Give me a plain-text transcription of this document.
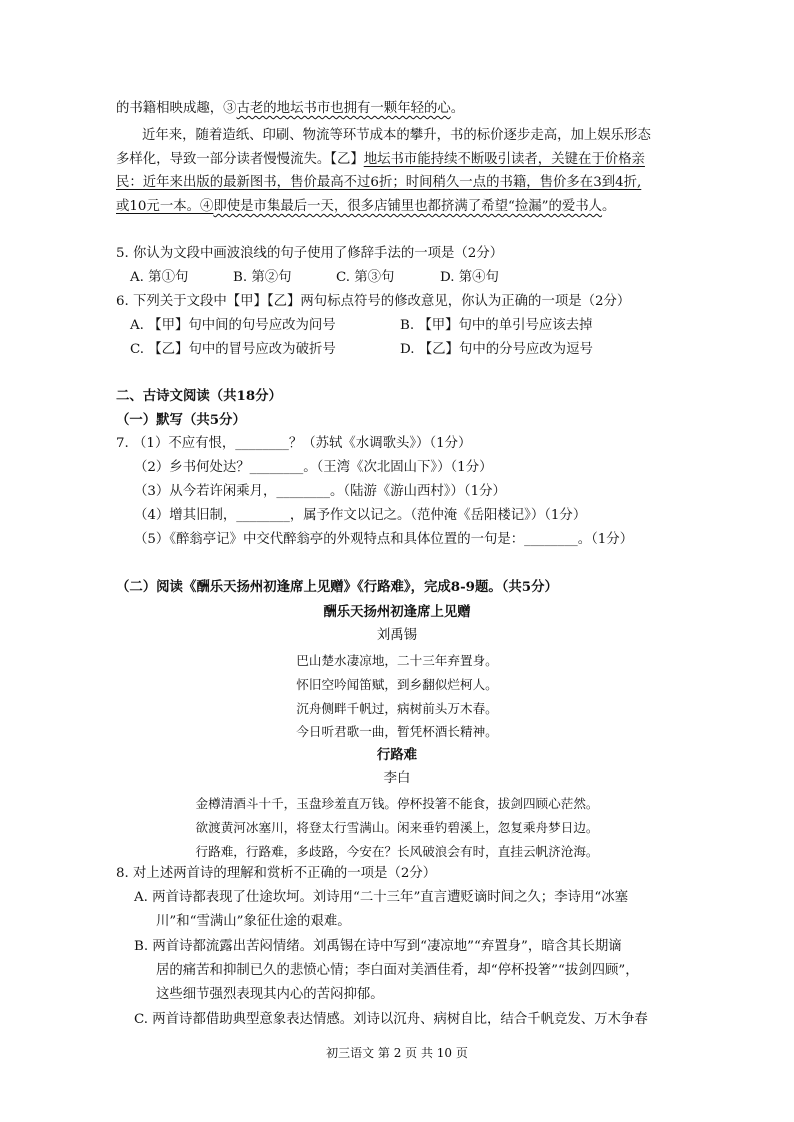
的书籍相映成趣，③古老的地坛书市也拥有一颗年轻的心。
近年来，随着造纸、印刷、物流等环节成本的攀升，书的标价逐步走高，加上娱乐形态
多样化，导致一部分读者慢慢流失。【乙】地坛书市能持续不断吸引读者，关键在于价格亲
民：近年来出版的最新图书，售价最高不过6折；时间稍久一点的书籍，售价多在3到4折,
或10元一本。④即使是市集最后一天，很多店铺里也都挤满了希望“捡漏”的爱书人。
5. 你认为文段中画波浪线的句子使用了修辞手法的一项是（2分）
A. 第①句	B. 第②句	C. 第③句	D. 第④句
6. 下列关于文段中【甲】【乙】两句标点符号的修改意见，你认为正确的一项是（2分）
A. 【甲】句中间的句号应改为问号	B. 【甲】句中的单引号应该去掉
C. 【乙】句中的冒号应改为破折号	D. 【乙】句中的分号应改为逗号
二、古诗文阅读（共18分）
（一）默写（共5分）
7. （1）不应有恨，________？（苏轼《水调歌头》）（1分）
（2）乡书何处达？________。（王湾《次北固山下》）（1分）
（3）从今若许闲乘月，________。（陆游《游山西村》）（1分）
（4）增其旧制，________，属予作文以记之。（范仲淹《岳阳楼记》）（1分）
（5）《醉翁亭记》中交代醉翁亭的外观特点和具体位置的一句是：________。（1分）
（二）阅读《酬乐天扬州初逢席上见赠》《行路难》，完成8-9题。（共5分）
酬乐天扬州初逢席上见赠
刘禹锡
巴山楚水凄凉地，二十三年弃置身。
怀旧空吟闻笛赋，到乡翻似烂柯人。
沉舟侧畔千帆过，病树前头万木春。
今日听君歌一曲，暂凭杯酒长精神。
行路难
李白
金樽清酒斗十千，玉盘珍羞直万钱。停杯投箸不能食，拔剑四顾心茫然。
欲渡黄河冰塞川，将登太行雪满山。闲来垂钓碧溪上，忽复乘舟梦日边。
行路难，行路难，多歧路，今安在？长风破浪会有时，直挂云帆济沧海。
8. 对上述两首诗的理解和赏析不正确的一项是（2分）
A. 两首诗都表现了仕途坎坷。刘诗用“二十三年”直言遭贬谪时间之久；李诗用“冰塞
川”和“雪满山”象征仕途的艰难。
B. 两首诗都流露出苦闷情绪。刘禹锡在诗中写到“凄凉地”“弃置身”，暗含其长期谪
居的痛苦和抑制已久的悲愤心情；李白面对美酒佳肴，却“停杯投箸”“拔剑四顾”，
这些细节强烈表现其内心的苦闷抑郁。
C. 两首诗都借助典型意象表达情感。刘诗以沉舟、病树自比，结合千帆竞发、万木争春
初三语文 第 2 页 共 10 页
